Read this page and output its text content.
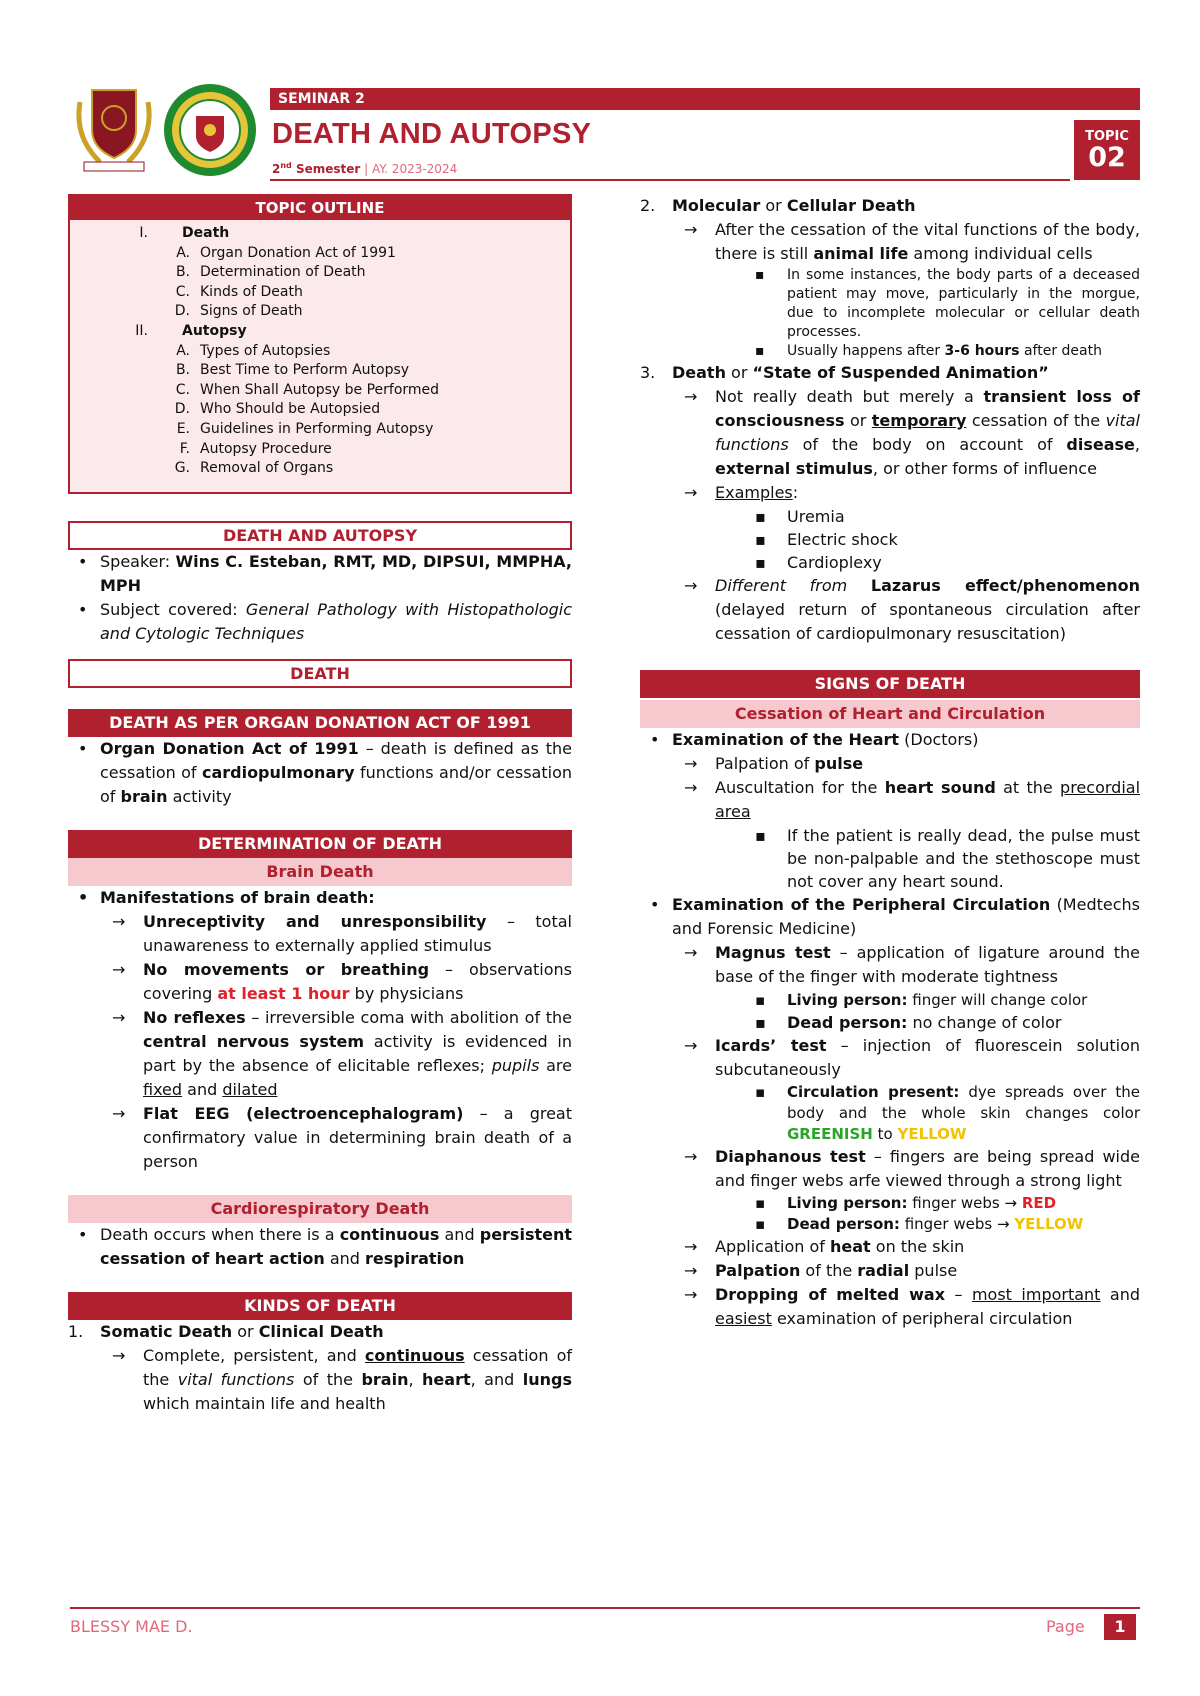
SEMINAR 2
DEATH AND AUTOPSY
2nd Semester | AY. 2023-2024
TOPIC
02
TOPIC OUTLINE
I.	Death
A. Organ Donation Act of 1991
B. Determination of Death
C. Kinds of Death
D. Signs of Death
II.	Autopsy
A. Types of Autopsies
B. Best Time to Perform Autopsy
C. When Shall Autopsy be Performed
D. Who Should be Autopsied
E. Guidelines in Performing Autopsy
F. Autopsy Procedure
G. Removal of Organs
DEATH AND AUTOPSY
• Speaker: Wins C. Esteban, RMT, MD, DIPSUI, MMPHA, MPH
• Subject covered: General Pathology with Histopathologic and Cytologic Techniques
DEATH
DEATH AS PER ORGAN DONATION ACT OF 1991
• Organ Donation Act of 1991 – death is defined as the cessation of cardiopulmonary functions and/or cessation of brain activity
DETERMINATION OF DEATH
Brain Death
• Manifestations of brain death:
→ Unreceptivity and unresponsibility – total unawareness to externally applied stimulus
→ No movements or breathing – observations covering at least 1 hour by physicians
→ No reflexes – irreversible coma with abolition of the central nervous system activity is evidenced in part by the absence of elicitable reflexes; pupils are fixed and dilated
→ Flat EEG (electroencephalogram) – a great confirmatory value in determining brain death of a person
Cardiorespiratory Death
• Death occurs when there is a continuous and persistent cessation of heart action and respiration
KINDS OF DEATH
1. Somatic Death or Clinical Death
→ Complete, persistent, and continuous cessation of the vital functions of the brain, heart, and lungs which maintain life and health
2. Molecular or Cellular Death
→ After the cessation of the vital functions of the body, there is still animal life among individual cells
▪ In some instances, the body parts of a deceased patient may move, particularly in the morgue, due to incomplete molecular or cellular death processes.
▪ Usually happens after 3-6 hours after death
3. Death or “State of Suspended Animation”
→ Not really death but merely a transient loss of consciousness or temporary cessation of the vital functions of the body on account of disease, external stimulus, or other forms of influence
→ Examples:
▪ Uremia
▪ Electric shock
▪ Cardioplexy
→ Different from Lazarus effect/phenomenon (delayed return of spontaneous circulation after cessation of cardiopulmonary resuscitation)
SIGNS OF DEATH
Cessation of Heart and Circulation
• Examination of the Heart (Doctors)
→ Palpation of pulse
→ Auscultation for the heart sound at the precordial area
▪ If the patient is really dead, the pulse must be non-palpable and the stethoscope must not cover any heart sound.
• Examination of the Peripheral Circulation (Medtechs and Forensic Medicine)
→ Magnus test – application of ligature around the base of the finger with moderate tightness
▪ Living person: finger will change color
▪ Dead person: no change of color
→ Icards’ test – injection of fluorescein solution subcutaneously
▪ Circulation present: dye spreads over the body and the whole skin changes color GREENISH to YELLOW
→ Diaphanous test – fingers are being spread wide and finger webs arfe viewed through a strong light
▪ Living person: finger webs → RED
▪ Dead person: finger webs → YELLOW
→ Application of heat on the skin
→ Palpation of the radial pulse
→ Dropping of melted wax – most important and easiest examination of peripheral circulation
BLESSY MAE D.	Page	1
